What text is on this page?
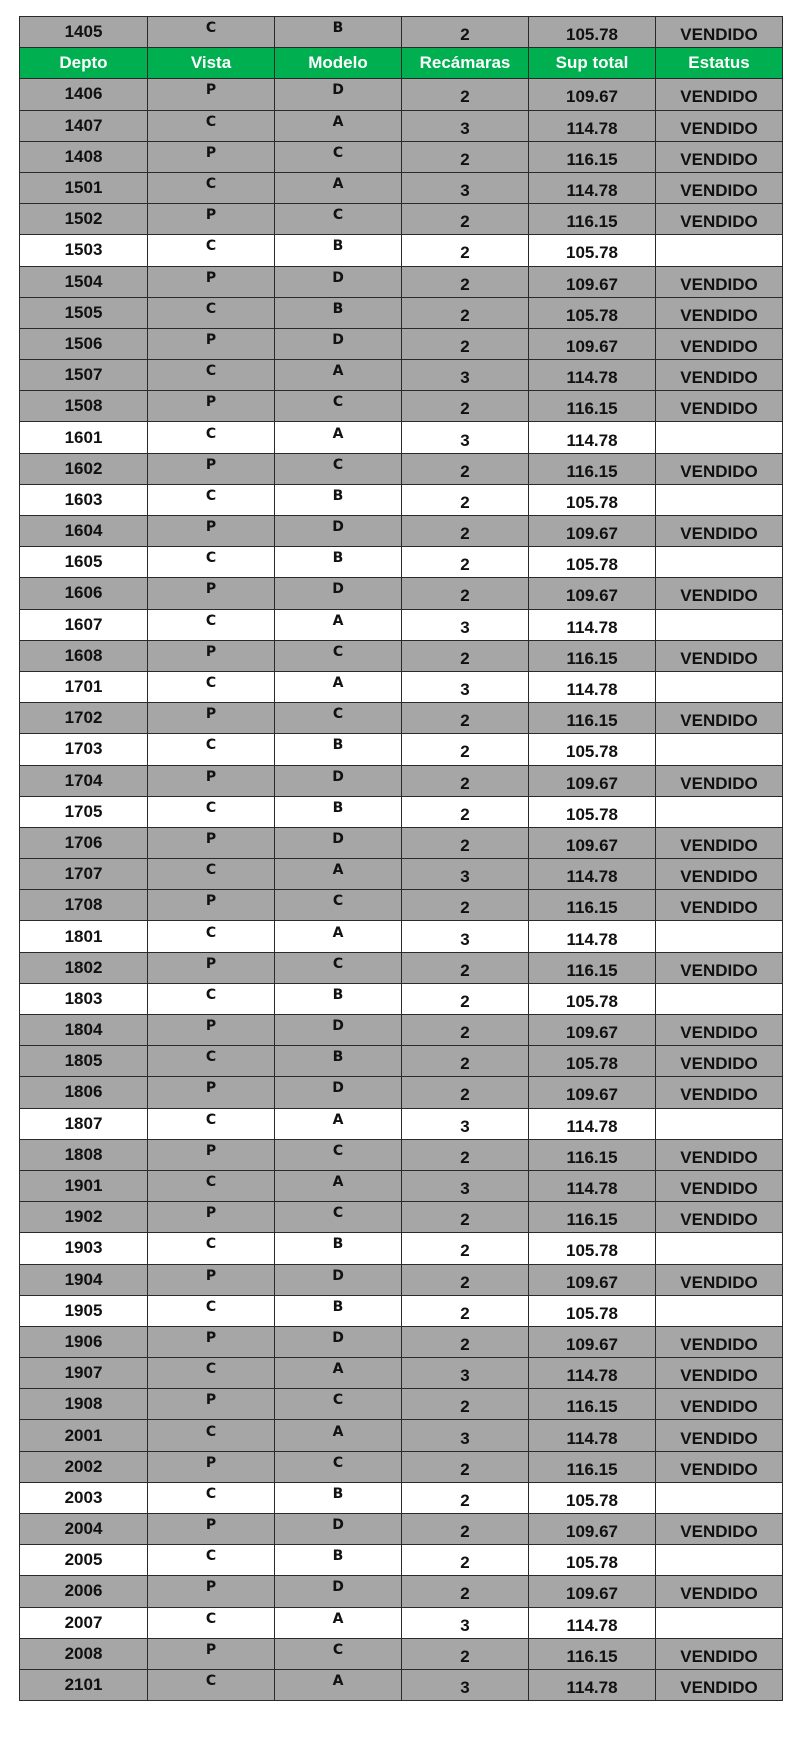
1405	C	B	2	105.78	VENDIDO
Depto	Vista	Modelo	Recámaras	Sup total	Estatus
1406	P	D	2	109.67	VENDIDO
1407	C	A	3	114.78	VENDIDO
1408	P	C	2	116.15	VENDIDO
1501	C	A	3	114.78	VENDIDO
1502	P	C	2	116.15	VENDIDO
1503	C	B	2	105.78	
1504	P	D	2	109.67	VENDIDO
1505	C	B	2	105.78	VENDIDO
1506	P	D	2	109.67	VENDIDO
1507	C	A	3	114.78	VENDIDO
1508	P	C	2	116.15	VENDIDO
1601	C	A	3	114.78	
1602	P	C	2	116.15	VENDIDO
1603	C	B	2	105.78	
1604	P	D	2	109.67	VENDIDO
1605	C	B	2	105.78	
1606	P	D	2	109.67	VENDIDO
1607	C	A	3	114.78	
1608	P	C	2	116.15	VENDIDO
1701	C	A	3	114.78	
1702	P	C	2	116.15	VENDIDO
1703	C	B	2	105.78	
1704	P	D	2	109.67	VENDIDO
1705	C	B	2	105.78	
1706	P	D	2	109.67	VENDIDO
1707	C	A	3	114.78	VENDIDO
1708	P	C	2	116.15	VENDIDO
1801	C	A	3	114.78	
1802	P	C	2	116.15	VENDIDO
1803	C	B	2	105.78	
1804	P	D	2	109.67	VENDIDO
1805	C	B	2	105.78	VENDIDO
1806	P	D	2	109.67	VENDIDO
1807	C	A	3	114.78	
1808	P	C	2	116.15	VENDIDO
1901	C	A	3	114.78	VENDIDO
1902	P	C	2	116.15	VENDIDO
1903	C	B	2	105.78	
1904	P	D	2	109.67	VENDIDO
1905	C	B	2	105.78	
1906	P	D	2	109.67	VENDIDO
1907	C	A	3	114.78	VENDIDO
1908	P	C	2	116.15	VENDIDO
2001	C	A	3	114.78	VENDIDO
2002	P	C	2	116.15	VENDIDO
2003	C	B	2	105.78	
2004	P	D	2	109.67	VENDIDO
2005	C	B	2	105.78	
2006	P	D	2	109.67	VENDIDO
2007	C	A	3	114.78	
2008	P	C	2	116.15	VENDIDO
2101	C	A	3	114.78	VENDIDO
